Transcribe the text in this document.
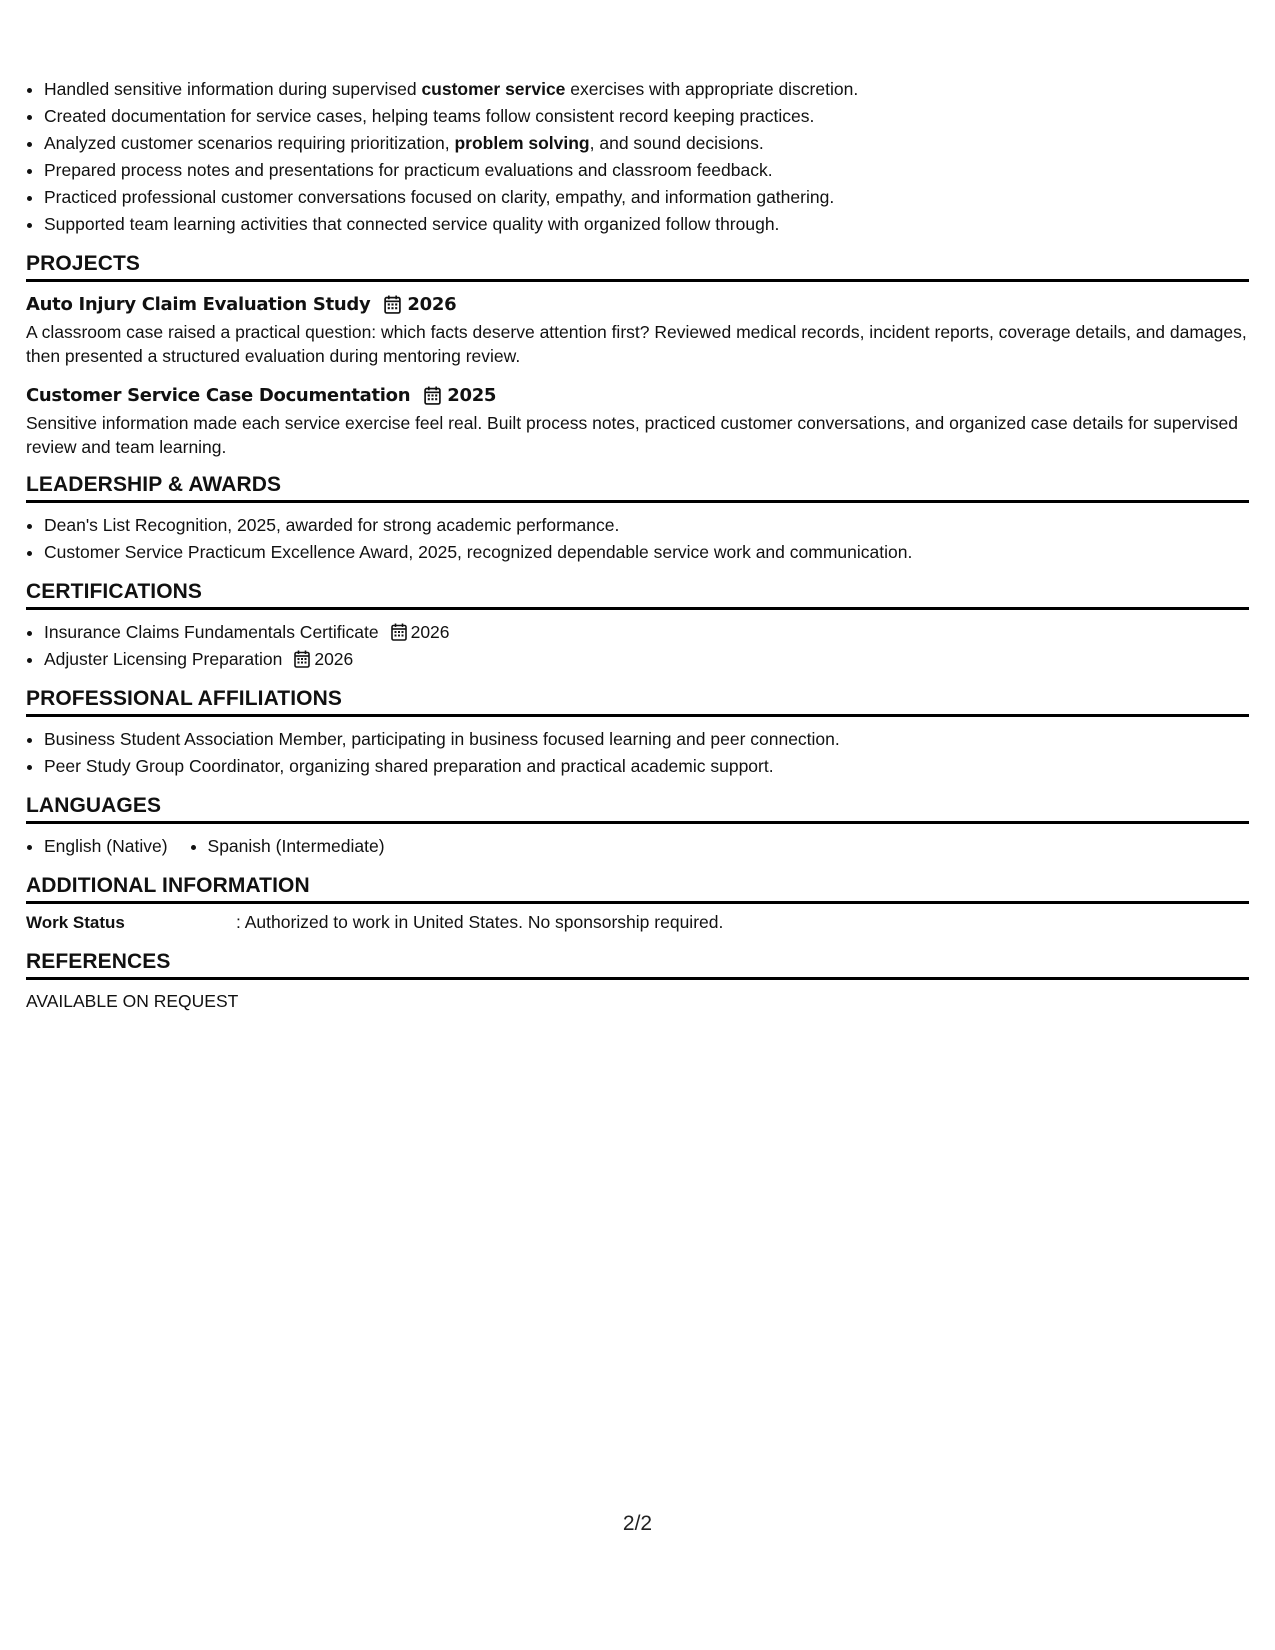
• Handled sensitive information during supervised customer service exercises with appropriate discretion.
• Created documentation for service cases, helping teams follow consistent record keeping practices.
• Analyzed customer scenarios requiring prioritization, problem solving, and sound decisions.
• Prepared process notes and presentations for practicum evaluations and classroom feedback.
• Practiced professional customer conversations focused on clarity, empathy, and information gathering.
• Supported team learning activities that connected service quality with organized follow through.
PROJECTS
Auto Injury Claim Evaluation Study 2026
A classroom case raised a practical question: which facts deserve attention first? Reviewed medical records, incident reports, coverage details, and damages, then presented a structured evaluation during mentoring review.
Customer Service Case Documentation 2025
Sensitive information made each service exercise feel real. Built process notes, practiced customer conversations, and organized case details for supervised review and team learning.
LEADERSHIP & AWARDS
• Dean's List Recognition, 2025, awarded for strong academic performance.
• Customer Service Practicum Excellence Award, 2025, recognized dependable service work and communication.
CERTIFICATIONS
• Insurance Claims Fundamentals Certificate 2026
• Adjuster Licensing Preparation 2026
PROFESSIONAL AFFILIATIONS
• Business Student Association Member, participating in business focused learning and peer connection.
• Peer Study Group Coordinator, organizing shared preparation and practical academic support.
LANGUAGES
• English (Native)
• Spanish (Intermediate)
ADDITIONAL INFORMATION
Work Status	: Authorized to work in United States. No sponsorship required.
REFERENCES
AVAILABLE ON REQUEST
2/2
